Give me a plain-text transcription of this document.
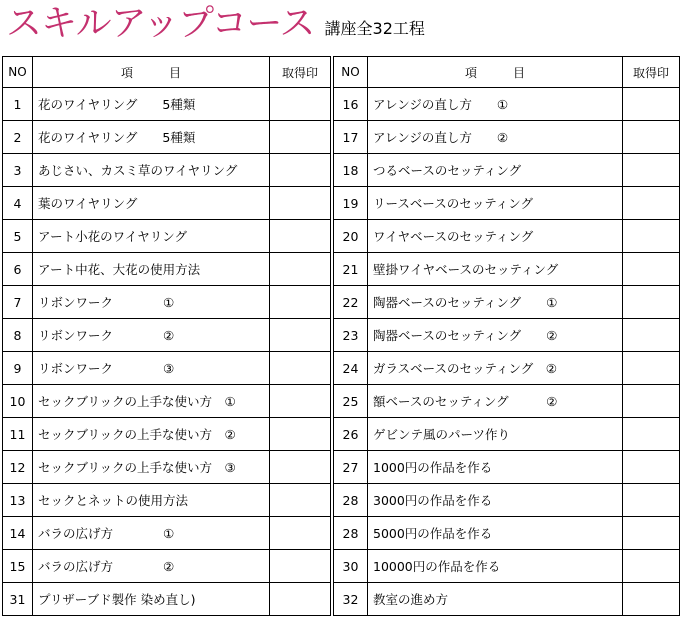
スキルアップコース 講座全32工程
NO	項　　　目	取得印		NO	項　　　目	取得印
1	花のワイヤリング　　5種類			16	アレンジの直し方　　①	
2	花のワイヤリング　　5種類			17	アレンジの直し方　　②	
3	あじさい、カスミ草のワイヤリング			18	つるベースのセッティング	
4	葉のワイヤリング			19	リースベースのセッティング	
5	アート小花のワイヤリング			20	ワイヤベースのセッティング	
6	アート中花、大花の使用方法			21	壁掛ワイヤベースのセッティング	
7	リボンワーク　　　　①			22	陶器ベースのセッティング　　①	
8	リボンワーク　　　　②			23	陶器ベースのセッティング　　②	
9	リボンワーク　　　　③			24	ガラスベースのセッティング　②	
10	セックブリックの上手な使い方　①			25	額ベースのセッティング　　　②	
11	セックブリックの上手な使い方　②			26	ゲビンテ風のパーツ作り	
12	セックブリックの上手な使い方　③			27	1000円の作品を作る	
13	セックとネットの使用方法			28	3000円の作品を作る	
14	バラの広げ方　　　　①			28	5000円の作品を作る	
15	バラの広げ方　　　　②			30	10000円の作品を作る	
31	プリザーブド製作 染め直し)			32	教室の進め方	
